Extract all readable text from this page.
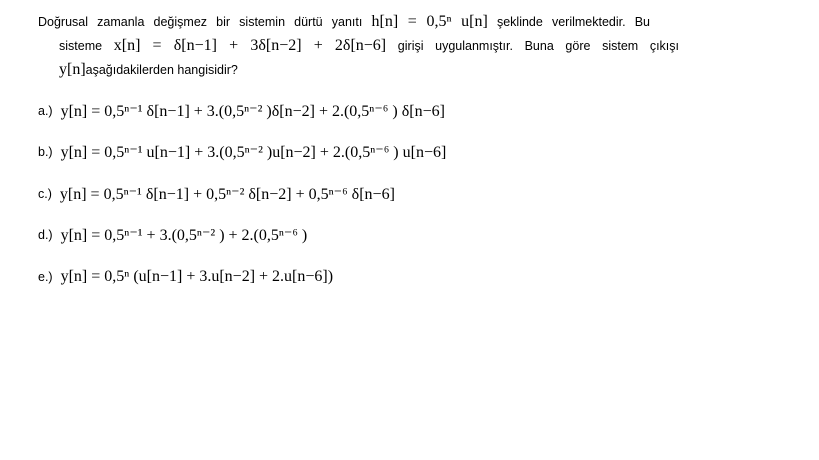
Doğrusal zamanla değişmez bir sistemin dürtü yanıtı h[n] = 0,5ⁿ u[n] şeklinde verilmektedir. Bu
sisteme x[n] = δ[n−1] + 3δ[n−2] + 2δ[n−6] girişi uygulanmıştır. Buna göre sistem çıkışı
y[n]aşağıdakilerden hangisidir?
a.) y[n] = 0,5ⁿ⁻¹ δ[n−1] + 3.(0,5ⁿ⁻² )δ[n−2] + 2.(0,5ⁿ⁻⁶ ) δ[n−6]
b.) y[n] = 0,5ⁿ⁻¹ u[n−1] + 3.(0,5ⁿ⁻² )u[n−2] + 2.(0,5ⁿ⁻⁶ ) u[n−6]
c.) y[n] = 0,5ⁿ⁻¹ δ[n−1] + 0,5ⁿ⁻² δ[n−2] + 0,5ⁿ⁻⁶ δ[n−6]
d.) y[n] = 0,5ⁿ⁻¹ + 3.(0,5ⁿ⁻² ) + 2.(0,5ⁿ⁻⁶ )
e.) y[n] = 0,5ⁿ (u[n−1] + 3.u[n−2] + 2.u[n−6])
